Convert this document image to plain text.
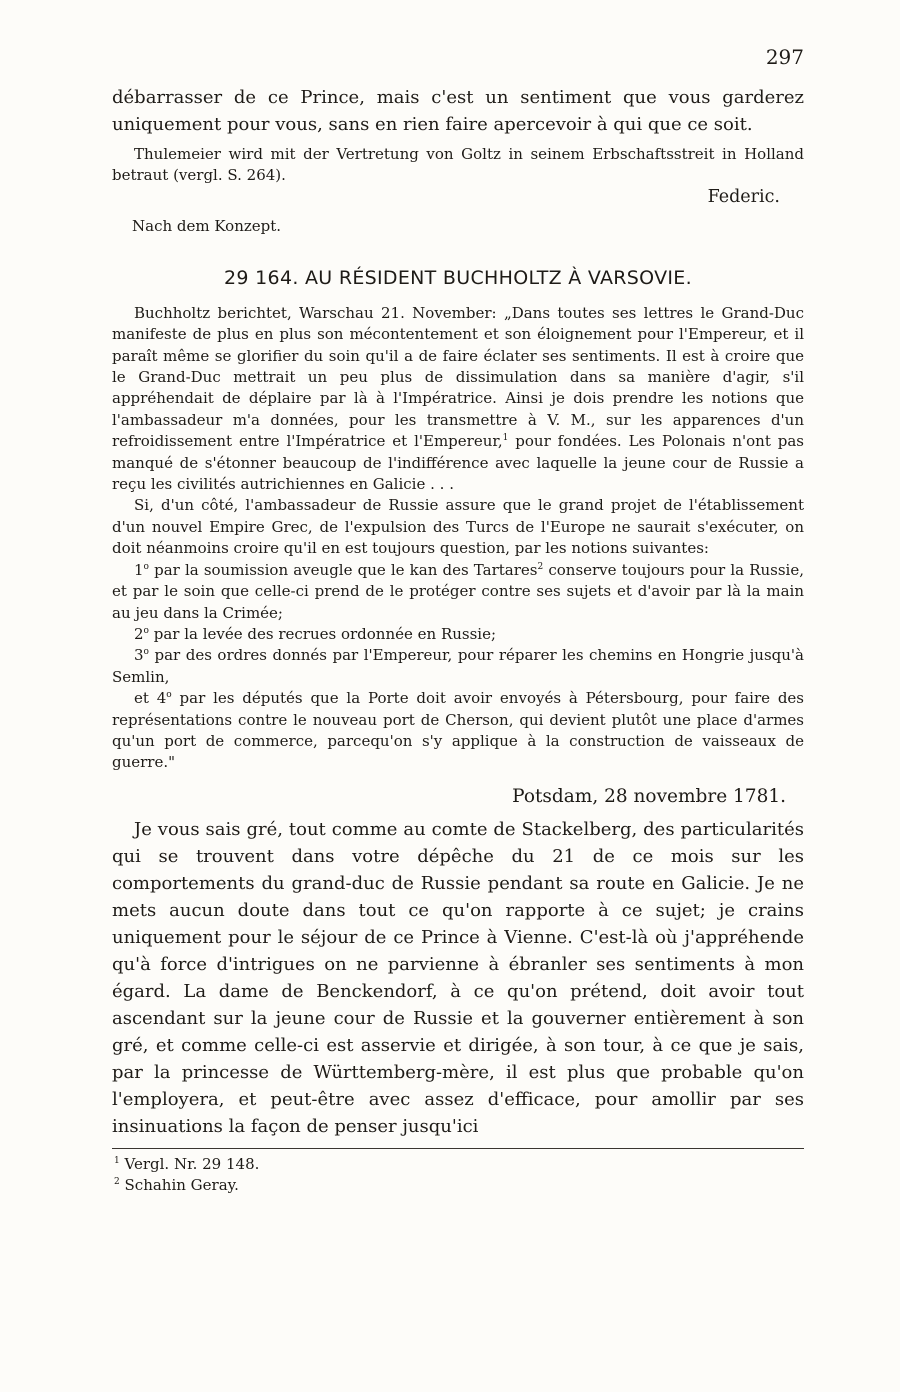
297

débarrasser de ce Prince, mais c'est un sentiment que vous garderez uniquement pour vous, sans en rien faire apercevoir à qui que ce soit.

Thulemeier wird mit der Vertretung von Goltz in seinem Erbschaftsstreit in Holland betraut (vergl. S. 264).

Federic.
Nach dem Konzept.
29 164. AU RÉSIDENT BUCHHOLTZ À VARSOVIE.

Buchholtz berichtet, Warschau 21. November: „Dans toutes ses lettres le Grand-Duc manifeste de plus en plus son mécontentement et son éloignement pour l'Empereur, et il paraît même se glorifier du soin qu'il a de faire éclater ses sentiments. Il est à croire que le Grand-Duc mettrait un peu plus de dissimulation dans sa manière d'agir, s'il appréhendait de déplaire par là à l'Impératrice. Ainsi je dois prendre les notions que l'ambassadeur m'a données, pour les transmettre à V. M., sur les apparences d'un refroidissement entre l'Impératrice et l'Empereur,$^1$ pour fondées. Les Polonais n'ont pas manqué de s'étonner beaucoup de l'indifférence avec laquelle la jeune cour de Russie a reçu les civilités autrichiennes en Galicie . . .

Si, d'un côté, l'ambassadeur de Russie assure que le grand projet de l'établissement d'un nouvel Empire Grec, de l'expulsion des Turcs de l'Europe ne saurait s'exécuter, on doit néanmoins croire qu'il en est toujours question, par les notions suivantes:

1$^o$ par la soumission aveugle que le kan des Tartares$^2$ conserve toujours pour la Russie, et par le soin que celle-ci prend de le protéger contre ses sujets et d'avoir par là la main au jeu dans la Crimée;

2$^o$ par la levée des recrues ordonnée en Russie;

3$^o$ par des ordres donnés par l'Empereur, pour réparer les chemins en Hongrie jusqu'à Semlin,

et 4$^o$ par les députés que la Porte doit avoir envoyés à Pétersbourg, pour faire des représentations contre le nouveau port de Cherson, qui devient plutôt une place d'armes qu'un port de commerce, parcequ'on s'y applique à la construction de vaisseaux de guerre."

Potsdam, 28 novembre 1781.

Je vous sais gré, tout comme au comte de Stackelberg, des particularités qui se trouvent dans votre dépêche du 21 de ce mois sur les comportements du grand-duc de Russie pendant sa route en Galicie. Je ne mets aucun doute dans tout ce qu'on rapporte à ce sujet; je crains uniquement pour le séjour de ce Prince à Vienne. C'est-là où j'appréhende qu'à force d'intrigues on ne parvienne à ébranler ses sentiments à mon égard. La dame de Benckendorf, à ce qu'on prétend, doit avoir tout ascendant sur la jeune cour de Russie et la gouverner entièrement à son gré, et comme celle-ci est asservie et dirigée, à son tour, à ce que je sais, par la princesse de Württemberg-mère, il est plus que probable qu'on l'employera, et peut-être avec assez d'efficace, pour amollir par ses insinuations la façon de penser jusqu'ici

$^1$ Vergl. Nr. 29 148.

$^2$ Schahin Geray.
